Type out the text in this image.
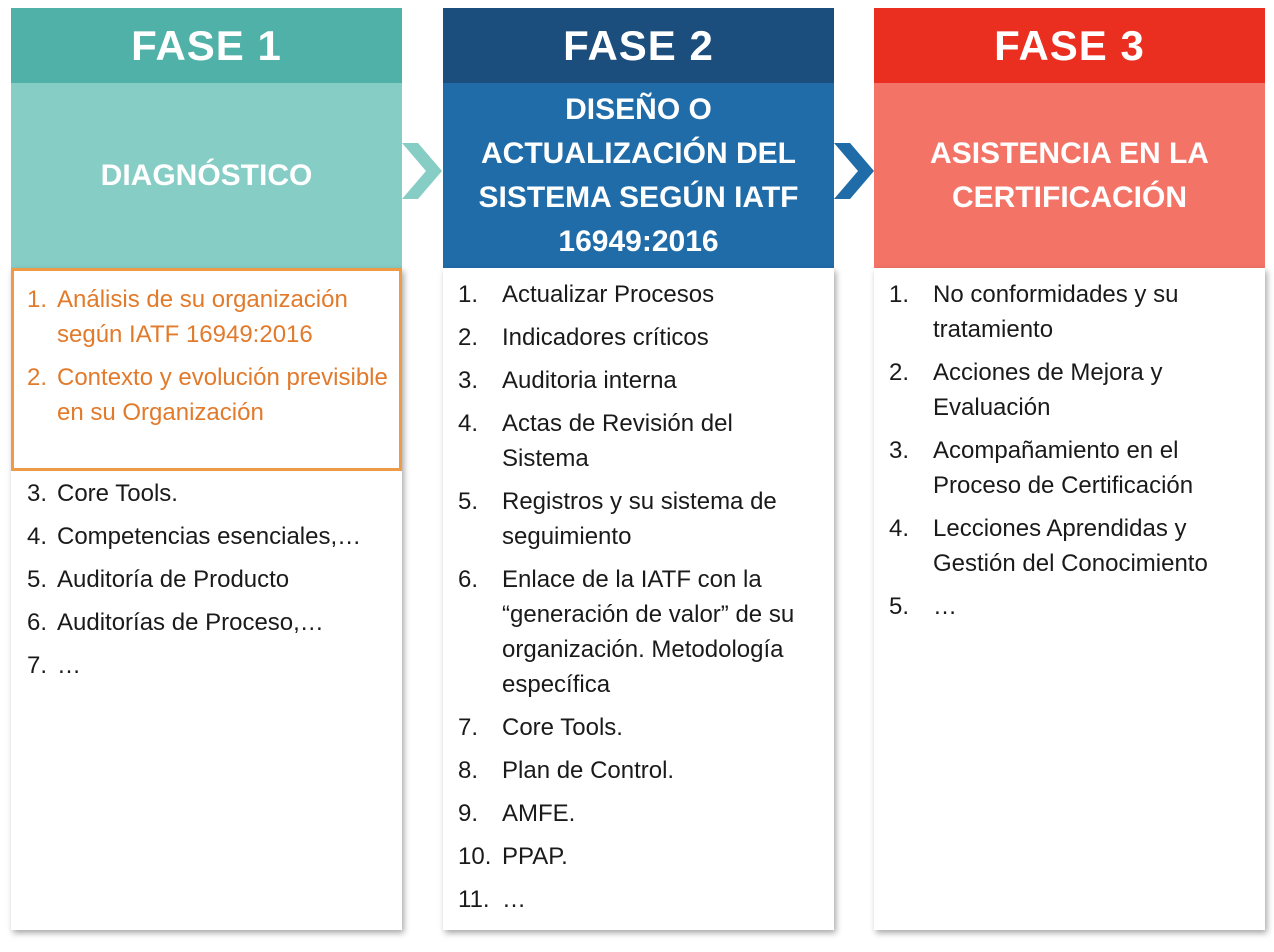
FASE 1
DIAGNÓSTICO
1. Análisis de su organización según IATF 16949:2016
2. Contexto y evolución previsible en su Organización
3. Core Tools.
4. Competencias esenciales,…
5. Auditoría de Producto
6. Auditorías de Proceso,…
7. …
FASE 2
DISEÑO O ACTUALIZACIÓN DEL SISTEMA SEGÚN IATF 16949:2016
1. Actualizar Procesos
2. Indicadores críticos
3. Auditoria interna
4. Actas de Revisión del Sistema
5. Registros y su sistema de seguimiento
6. Enlace de la IATF con la “generación de valor” de su organización. Metodología específica
7. Core Tools.
8. Plan de Control.
9. AMFE.
10. PPAP.
11. …
FASE 3
ASISTENCIA EN LA CERTIFICACIÓN
1. No conformidades y su tratamiento
2. Acciones de Mejora y Evaluación
3. Acompañamiento en el Proceso de Certificación
4. Lecciones Aprendidas y Gestión del Conocimiento
5. …
